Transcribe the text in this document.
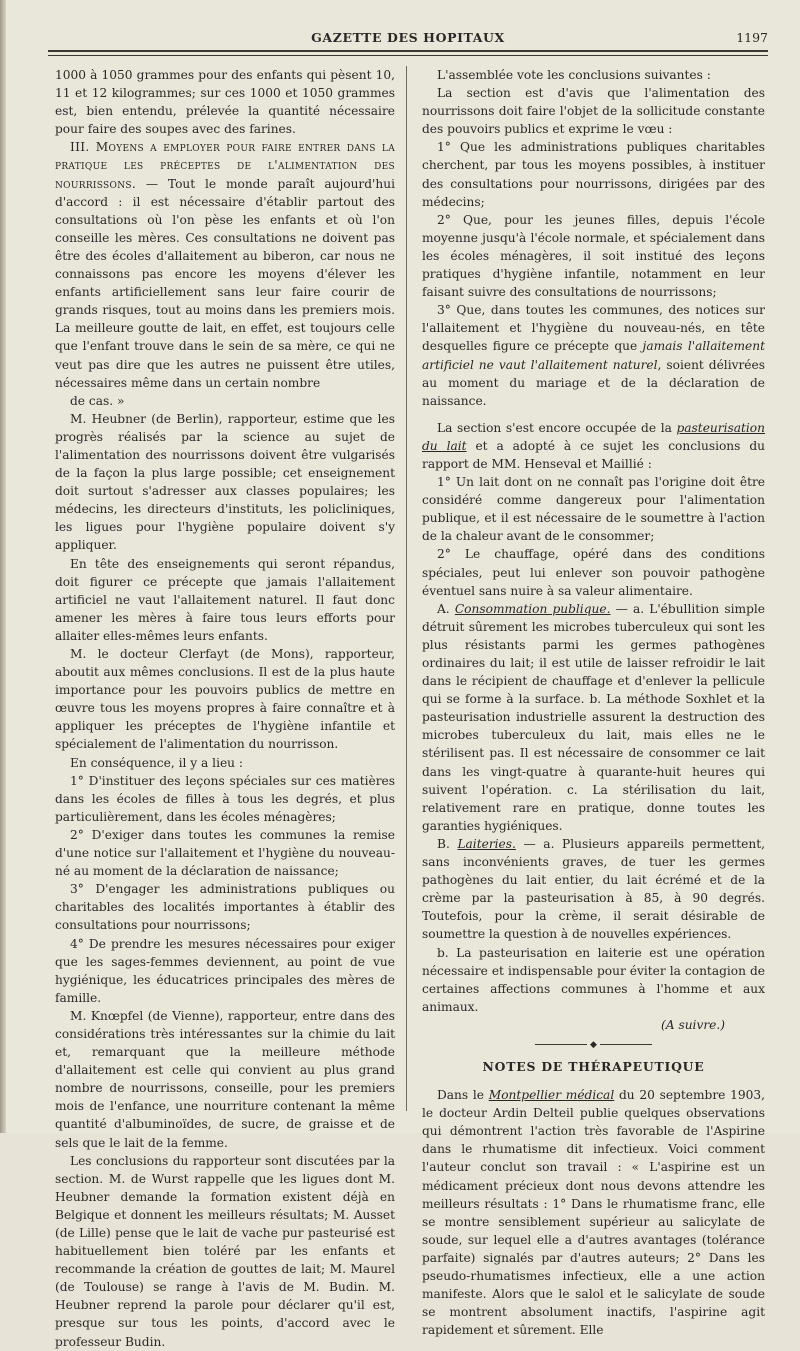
GAZETTE DES HOPITAUX	1197

1000 à 1050 grammes pour des enfants qui pèsent 10, 11 et 12 kilogrammes; sur ces 1000 et 1050 grammes est, bien entendu, prélevée la quantité nécessaire pour faire des soupes avec des farines.

III. Moyens a employer pour faire entrer dans la pratique les préceptes de l'alimentation des nourrissons. — Tout le monde paraît aujourd'hui d'accord : il est nécessaire d'établir partout des consultations où l'on pèse les enfants et où l'on conseille les mères. Ces consultations ne doivent pas être des écoles d'allaitement au biberon, car nous ne connaissons pas encore les moyens d'élever les enfants artificiellement sans leur faire courir de grands risques, tout au moins dans les premiers mois. La meilleure goutte de lait, en effet, est toujours celle que l'enfant trouve dans le sein de sa mère, ce qui ne veut pas dire que les autres ne puissent être utiles, nécessaires même dans un certain nombre

de cas. »

M. Heubner (de Berlin), rapporteur, estime que les progrès réalisés par la science au sujet de l'alimentation des nourrissons doivent être vulgarisés de la façon la plus large possible; cet enseignement doit surtout s'adresser aux classes populaires; les médecins, les directeurs d'instituts, les policliniques, les ligues pour l'hygiène populaire doivent s'y appliquer.

En tête des enseignements qui seront répandus, doit figurer ce précepte que jamais l'allaitement artificiel ne vaut l'allaitement naturel. Il faut donc amener les mères à faire tous leurs efforts pour allaiter elles-mêmes leurs enfants.

M. le docteur Clerfayt (de Mons), rapporteur, aboutit aux mêmes conclusions. Il est de la plus haute importance pour les pouvoirs publics de mettre en œuvre tous les moyens propres à faire connaître et à appliquer les préceptes de l'hygiène infantile et spécialement de l'alimentation du nourrisson.

En conséquence, il y a lieu :

1° D'instituer des leçons spéciales sur ces matières dans les écoles de filles à tous les degrés, et plus particulièrement, dans les écoles ménagères;

2° D'exiger dans toutes les communes la remise d'une notice sur l'allaitement et l'hygiène du nouveau-né au moment de la déclaration de naissance;

3° D'engager les administrations publiques ou charitables des localités importantes à établir des consultations pour nourrissons;

4° De prendre les mesures nécessaires pour exiger que les sages-femmes deviennent, au point de vue hygiénique, les éducatrices principales des mères de famille.

M. Knœpfel (de Vienne), rapporteur, entre dans des considérations très intéressantes sur la chimie du lait et, remarquant que la meilleure méthode d'allaitement est celle qui convient au plus grand nombre de nourrissons, conseille, pour les premiers mois de l'enfance, une nourriture contenant la même quantité d'albuminoïdes, de sucre, de graisse et de sels que le lait de la femme.

Les conclusions du rapporteur sont discutées par la section. M. de Wurst rappelle que les ligues dont M. Heubner demande la formation existent déjà en Belgique et donnent les meilleurs résultats; M. Ausset (de Lille) pense que le lait de vache pur pasteurisé est habituellement bien toléré par les enfants et recommande la création de gouttes de lait; M. Maurel (de Toulouse) se range à l'avis de M. Budin. M. Heubner reprend la parole pour déclarer qu'il est, presque sur tous les points, d'accord avec le professeur Budin.

L'assemblée vote les conclusions suivantes :

La section est d'avis que l'alimentation des nourrissons doit faire l'objet de la sollicitude constante des pouvoirs publics et exprime le vœu :

1° Que les administrations publiques charitables cherchent, par tous les moyens possibles, à instituer des consultations pour nourrissons, dirigées par des médecins;

2° Que, pour les jeunes filles, depuis l'école moyenne jusqu'à l'école normale, et spécialement dans les écoles ménagères, il soit institué des leçons pratiques d'hygiène infantile, notamment en leur faisant suivre des consultations de nourrissons;

3° Que, dans toutes les communes, des notices sur l'allaitement et l'hygiène du nouveau-nés, en tête desquelles figure ce précepte que jamais l'allaitement artificiel ne vaut l'allaitement naturel, soient délivrées au moment du mariage et de la déclaration de naissance.

La section s'est encore occupée de la pasteurisation du lait et a adopté à ce sujet les conclusions du rapport de MM. Henseval et Maillié :

1° Un lait dont on ne connaît pas l'origine doit être considéré comme dangereux pour l'alimentation publique, et il est nécessaire de le soumettre à l'action de la chaleur avant de le consommer;

2° Le chauffage, opéré dans des conditions spéciales, peut lui enlever son pouvoir pathogène éventuel sans nuire à sa valeur alimentaire.

A. Consommation publique. — a. L'ébullition simple détruit sûrement les microbes tuberculeux qui sont les plus résistants parmi les germes pathogènes ordinaires du lait; il est utile de laisser refroidir le lait dans le récipient de chauffage et d'enlever la pellicule qui se forme à la surface. b. La méthode Soxhlet et la pasteurisation industrielle assurent la destruction des microbes tuberculeux du lait, mais elles ne le stérilisent pas. Il est nécessaire de consommer ce lait dans les vingt-quatre à quarante-huit heures qui suivent l'opération. c. La stérilisation du lait, relativement rare en pratique, donne toutes les garanties hygiéniques.

B. Laiteries. — a. Plusieurs appareils permettent, sans inconvénients graves, de tuer les germes pathogènes du lait entier, du lait écrémé et de la crème par la pasteurisation à 85, à 90 degrés. Toutefois, pour la crème, il serait désirable de soumettre la question à de nouvelles expériences.

b. La pasteurisation en laiterie est une opération nécessaire et indispensable pour éviter la contagion de certaines affections communes à l'homme et aux animaux.

(A suivre.)

◆
NOTES DE THÉRAPEUTIQUE

Dans le Montpellier médical du 20 septembre 1903, le docteur Ardin Delteil publie quelques observations qui démontrent l'action très favorable de l'Aspirine dans le rhumatisme dit infectieux. Voici comment l'auteur conclut son travail : « L'aspirine est un médicament précieux dont nous devons attendre les meilleurs résultats : 1° Dans le rhumatisme franc, elle se montre sensiblement supérieur au salicylate de soude, sur lequel elle a d'autres avantages (tolérance parfaite) signalés par d'autres auteurs; 2° Dans les pseudo-rhumatismes infectieux, elle a une action manifeste. Alors que le salol et le salicylate de soude se montrent absolument inactifs, l'aspirine agit rapidement et sûrement. Elle
